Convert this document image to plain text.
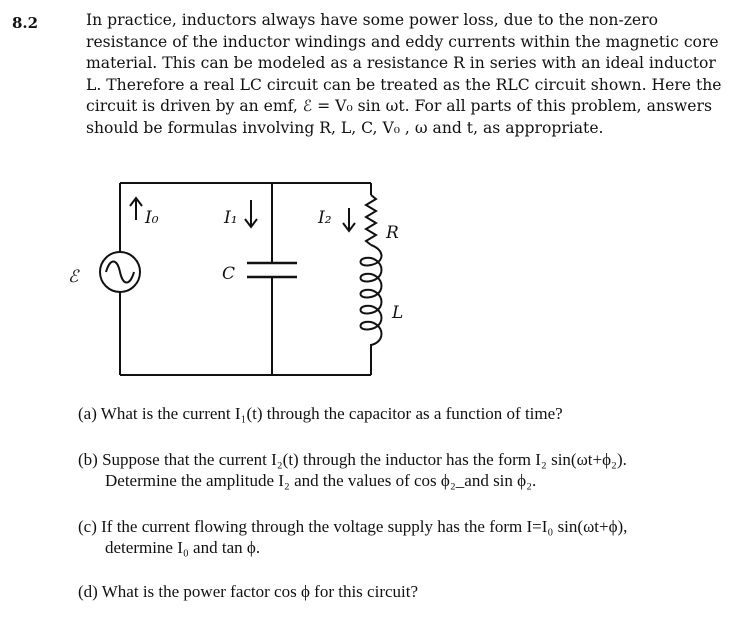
8.2	In practice, inductors always have some power loss, due to the non-zero
resistance of the inductor windings and eddy currents within the magnetic core
material. This can be modeled as a resistance R in series with an ideal inductor
L. Therefore a real LC circuit can be treated as the RLC circuit shown. Here the
circuit is driven by an emf, ℰ = V₀ sin ωt. For all parts of this problem, answers
should be formulas involving R, L, C, V₀ , ω and t, as appropriate.

ℰ
I₀	I₁	I₂
C
R
L
(a) What is the current I₁(t) through the capacitor as a function of time?
(b) Suppose that the current I₂(t) through the inductor has the form I₂ sin(ωt+ϕ₂).
Determine the amplitude I₂ and the values of cos ϕ₂_and sin ϕ₂.
(c) If the current flowing through the voltage supply has the form I=I₀ sin(ωt+ϕ),
determine I₀ and tan ϕ.
(d) What is the power factor cos ϕ for this circuit?
